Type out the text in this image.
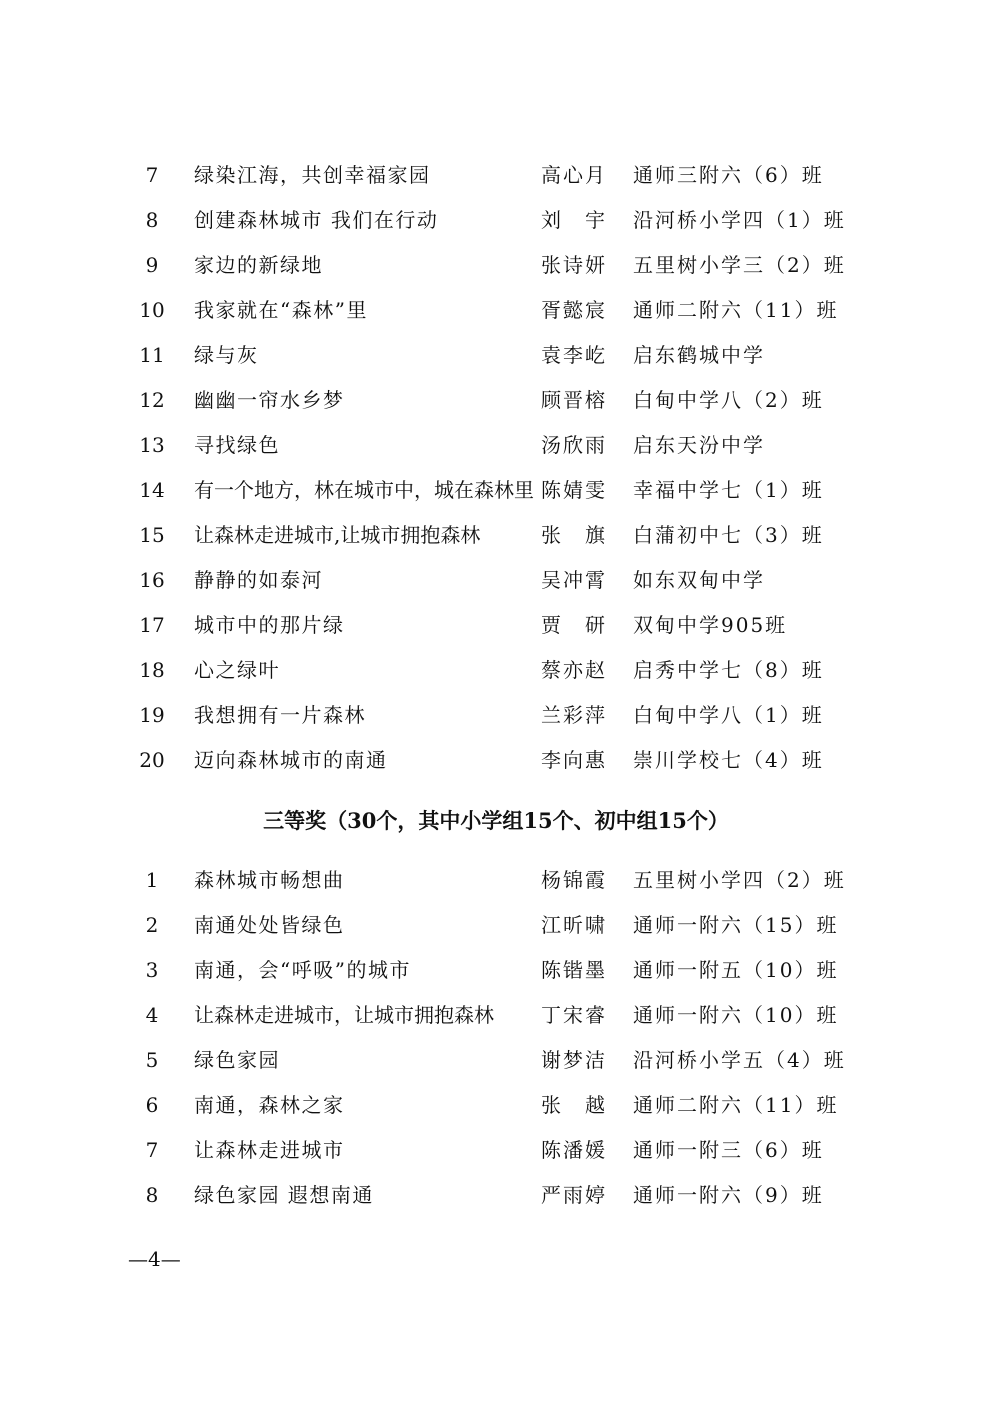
7	绿染江海，共创幸福家园	高心月 通师三附六（6）班
8	创建森林城市 我们在行动	刘　宇 沿河桥小学四（1）班
9	家边的新绿地	张诗妍 五里树小学三（2）班
10	我家就在“森林”里	胥懿宸 通师二附六（11）班
11	绿与灰	袁李屹 启东鹤城中学
12	幽幽一帘水乡梦	顾晋榕 白甸中学八（2）班
13	寻找绿色	汤欣雨 启东天汾中学
14	有一个地方，林在城市中，城在森林里 陈婧雯 幸福中学七（1）班
15	让森林走进城市,让城市拥抱森林	张　旗 白蒲初中七（3）班
16	静静的如泰河	吴冲霄 如东双甸中学
17	城市中的那片绿	贾　研 双甸中学905班
18	心之绿叶	蔡亦赵 启秀中学七（8）班
19	我想拥有一片森林	兰彩萍 白甸中学八（1）班
20	迈向森林城市的南通	李向惠 崇川学校七（4）班
三等奖（30个，其中小学组15个、初中组15个）
1	森林城市畅想曲	杨锦霞 五里树小学四（2）班
2	南通处处皆绿色	江昕啸 通师一附六（15）班
3	南通，会“呼吸”的城市	陈锴墨 通师一附五（10）班
4	让森林走进城市，让城市拥抱森林 丁宋睿 通师一附六（10）班
5	绿色家园	谢梦洁 沿河桥小学五（4）班
6	南通，森林之家	张　越 通师二附六（11）班
7	让森林走进城市	陈潘媛 通师一附三（6）班
8	绿色家园 遐想南通	严雨婷 通师一附六（9）班
—4—
